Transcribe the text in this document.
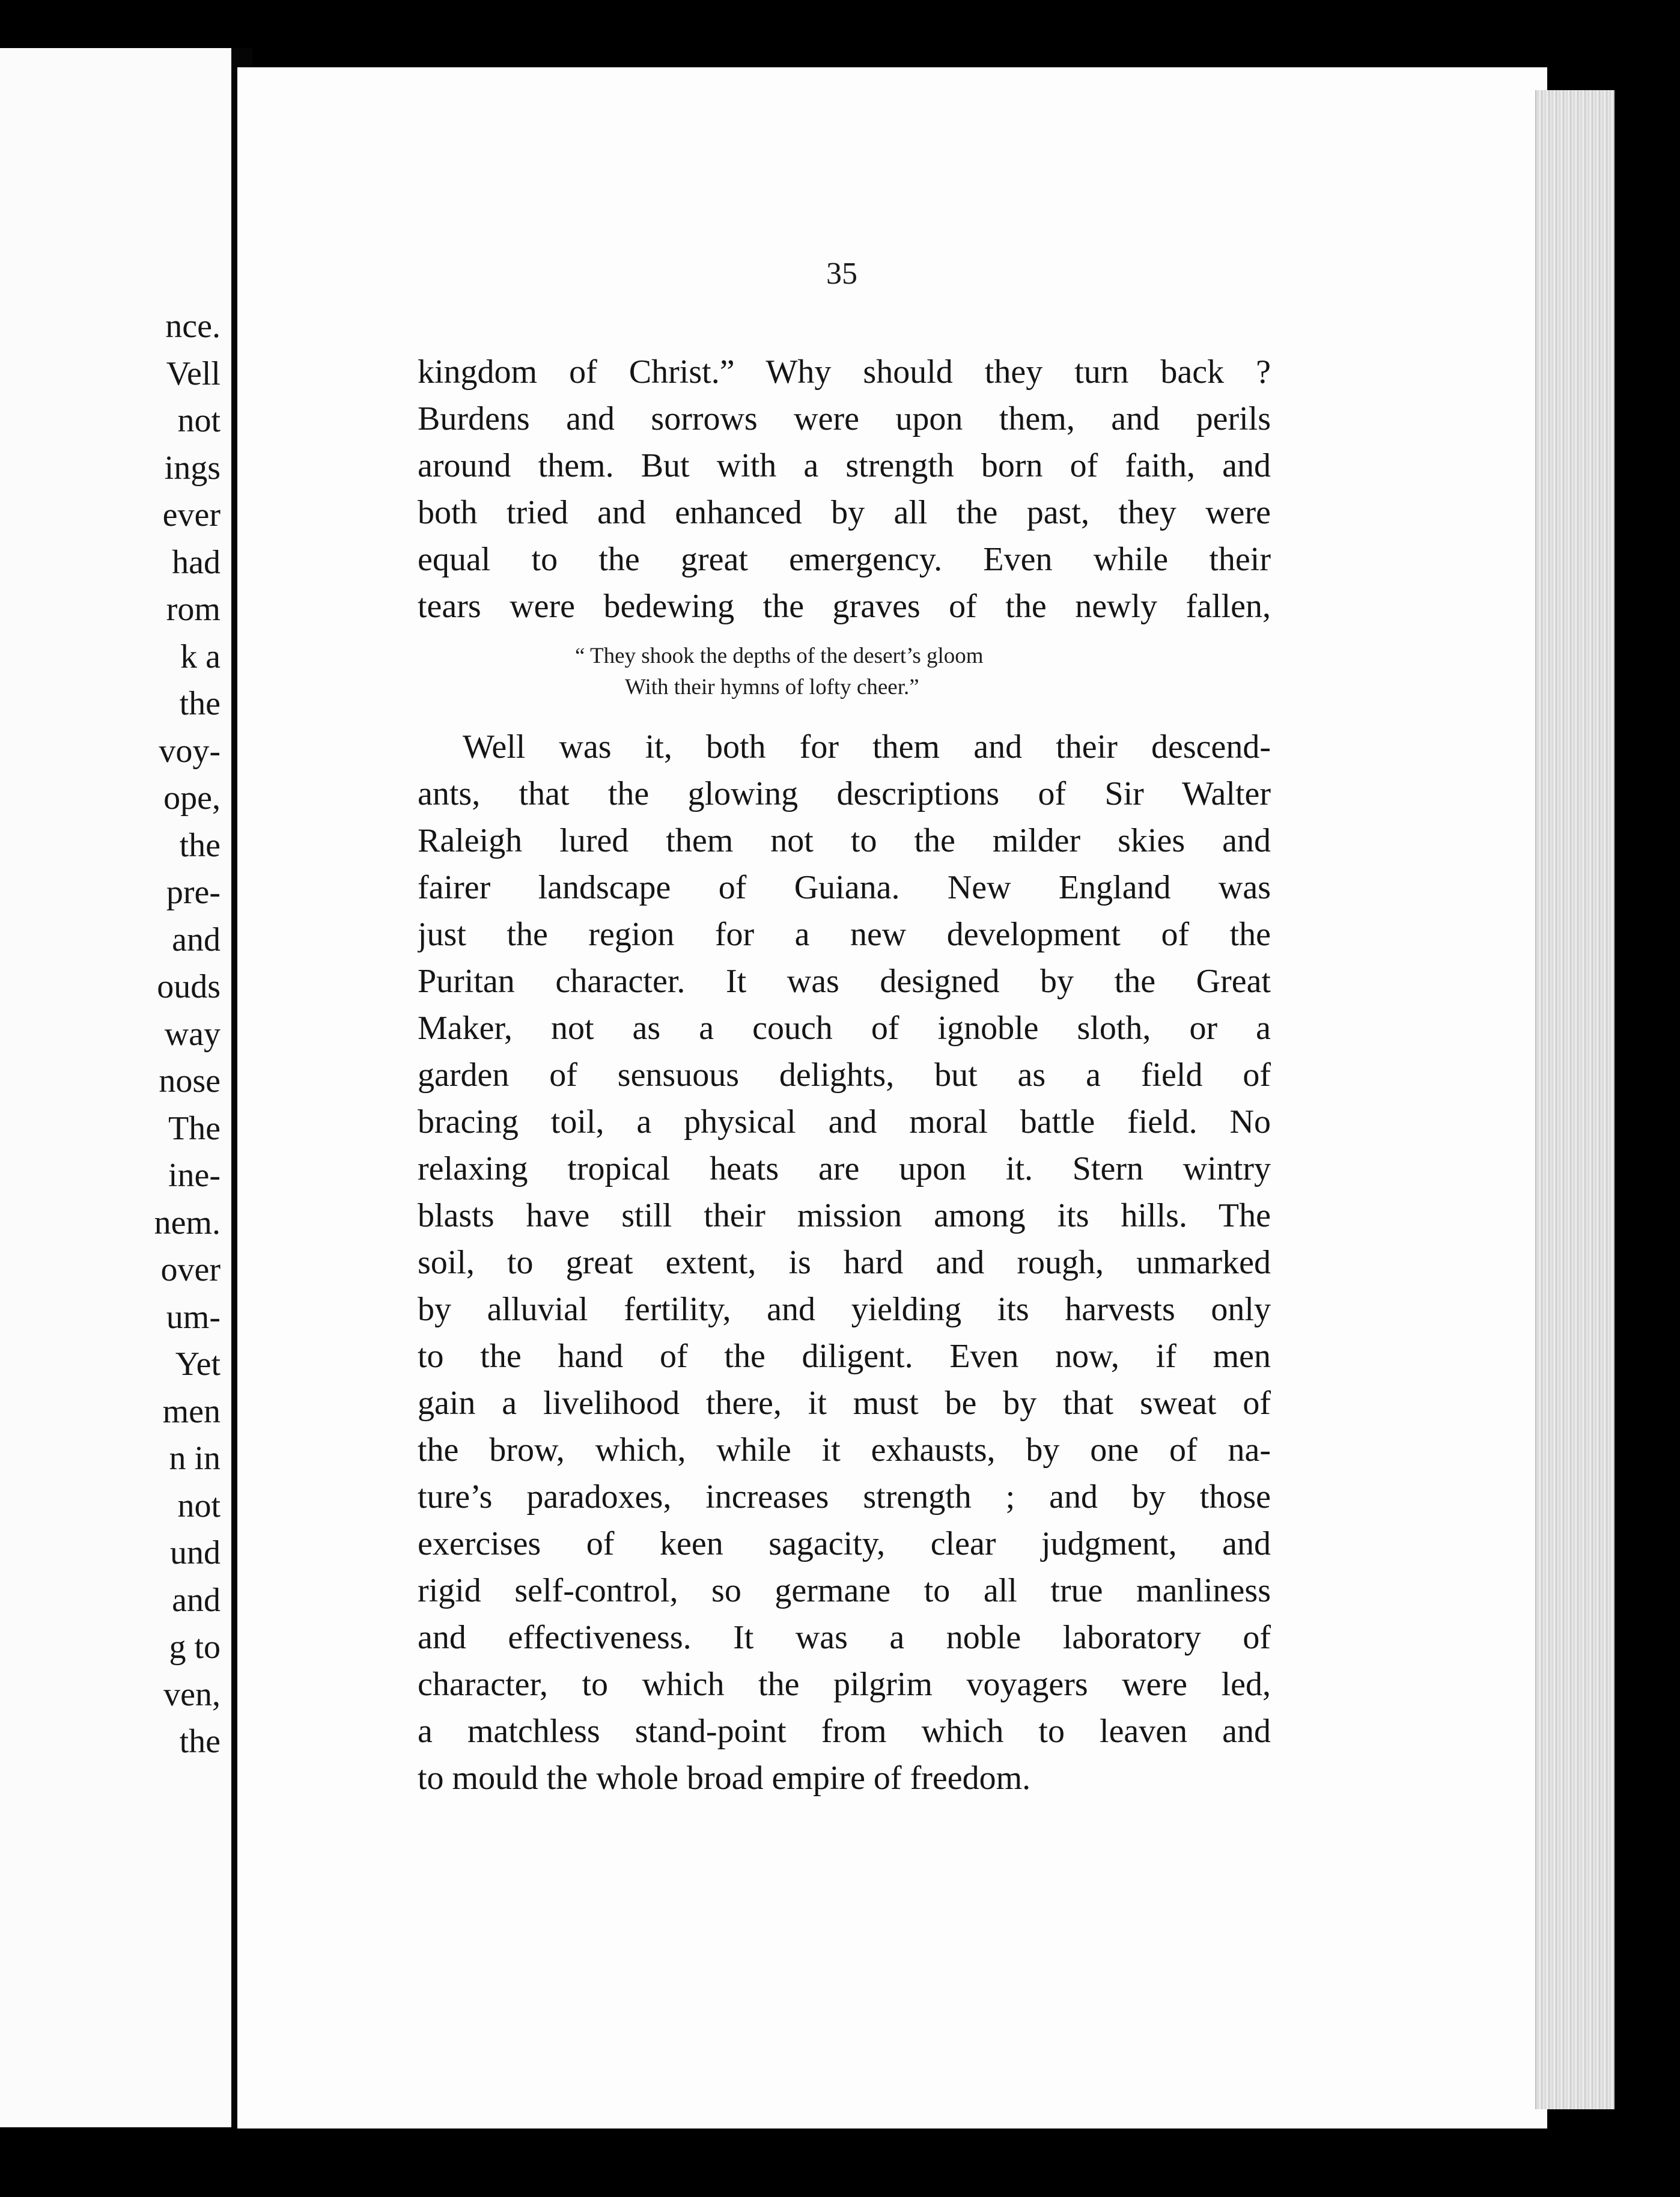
nce.
Vell
not
ings
ever
had
rom
k a
the
voy-
ope,
the
pre-
and
ouds
way
nose
The
ine-
nem.
over
um-
Yet
men
n in
not
und
and
g to
ven,
the
35
kingdom of Christ.” Why should they turn back ?
Burdens and sorrows were upon them, and perils
around them. But with a strength born of faith, and
both tried and enhanced by all the past, they were
equal to the great emergency. Even while their
tears were bedewing the graves of the newly fallen,
“ They shook the depths of the desert’s gloom
With their hymns of lofty cheer.”
Well was it, both for them and their descend-
ants, that the glowing descriptions of Sir Walter
Raleigh lured them not to the milder skies and
fairer landscape of Guiana. New England was
just the region for a new development of the
Puritan character. It was designed by the Great
Maker, not as a couch of ignoble sloth, or a
garden of sensuous delights, but as a field of
bracing toil, a physical and moral battle field. No
relaxing tropical heats are upon it. Stern wintry
blasts have still their mission among its hills. The
soil, to great extent, is hard and rough, unmarked
by alluvial fertility, and yielding its harvests only
to the hand of the diligent. Even now, if men
gain a livelihood there, it must be by that sweat of
the brow, which, while it exhausts, by one of na-
ture’s paradoxes, increases strength ; and by those
exercises of keen sagacity, clear judgment, and
rigid self-control, so germane to all true manliness
and effectiveness. It was a noble laboratory of
character, to which the pilgrim voyagers were led,
a matchless stand-point from which to leaven and
to mould the whole broad empire of freedom.
